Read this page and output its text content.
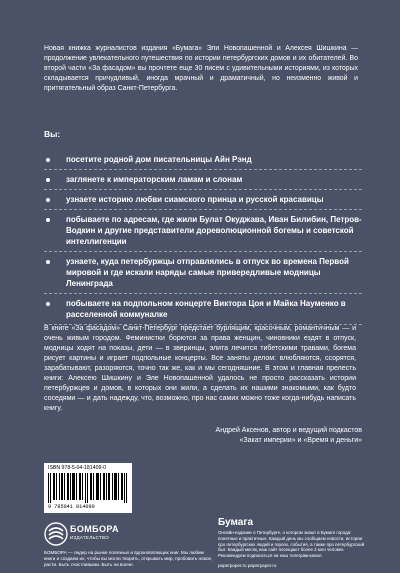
Новая книжка журналистов издания «Бумага» Эли Новопашенной и Алексея Шишкина — продолжение увлекательного путешествия по истории петербургских домов и их обитателей. Во второй части «За фасадом» вы прочтете еще 30 писем с удивительными историями, из которых складывается причудливый, иногда мрачный и драматичный, но неизменно живой и притягательный образ Санкт-Петербурга.
Вы:
посетите родной дом писательницы Айн Рэнд
заглянете к императорским ламам и слонам
узнаете историю любви сиамского принца и русской красавицы
побываете по адресам, где жили Булат Окуджава, Иван Билибин, Петров-Водкин и другие представители дореволюционной богемы и советской интеллигенции
узнаете, куда петербуржцы отправлялись в отпуск во времена Первой мировой и где искали наряды самые привередливые модницы Ленинграда
побываете на подпольном концерте Виктора Цоя и Майка Науменко в расселенной коммуналке
В книге «За фасадом» Санкт-Петербург предстает бурлящим, красочным, романтичным — и очень живым городом. Феминистки борются за права женщин, чиновники ездят в отпуск, модницы ходят на показы, дети — в зверинцы, элита лечится тибетскими травами, богема рисует картины и играет подпольные концерты. Все заняты делом: влюбляются, ссорятся, зарабатывают, разоряются, точно так же, как и мы сегодняшние. В этом и главная прелесть книги: Алексею Шишкину и Эле Новопашенной удалось не просто рассказать истории петербуржцев и домов, в которых они жили, а сделать их нашими знакомыми, как будто соседями — и дать надежду, что, возможно, про нас самих можно тоже когда-нибудь написать книгу.
Андрей Аксенов, автор и ведущий подкастов
«Закат империи» и «Время и деньги»
ISBN 978-5-04-181409-0
9 785041 814090
БОМБОРА
ИЗДАТЕЛЬСТВО
БОМБОРА — лидер на рынке полезных и вдохновляющих книг. Мы любим книги и создаем их, чтобы вы могли творить, открывать мир, пробовать новое, расти. Быть счастливыми. Быть на волне.
Бумага
Онлайн-издание о Петербурге, о котором знают в Бумаге города: понятные и практичные. Каждый день мы сообщаем новости, истории про петербургских людей и героях, события, а также про петербургский быт. Каждый месяц наш сайт посещают более 2 млн человек. Рекомендуем подписаться на наш телеграм-канал.
paperpaper.ru paperpaper.ru
